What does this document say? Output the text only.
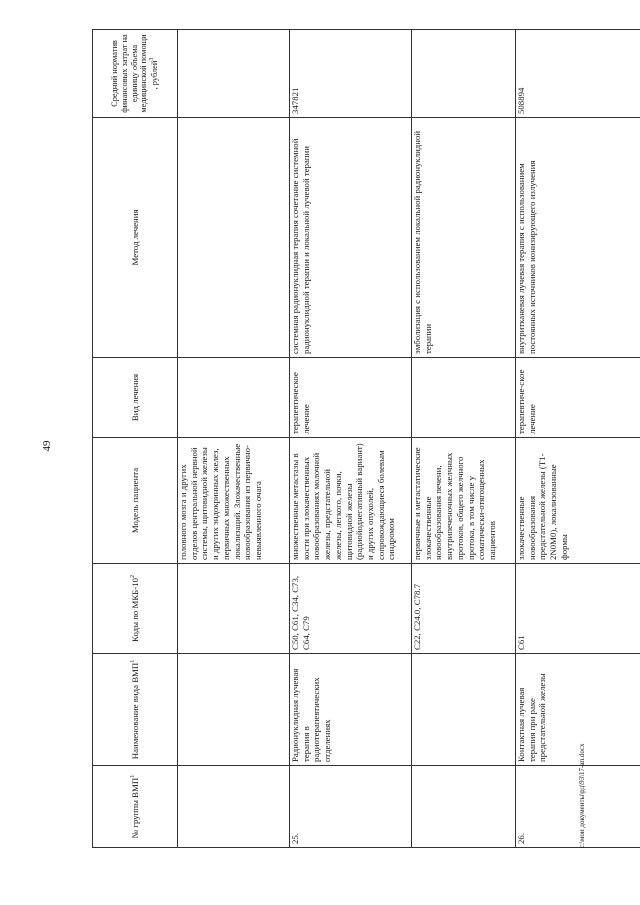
49
№ группы ВМП$^1$	Наименование вида ВМП$^1$	Коды по МКБ-$10^2$	Модель пациента	Вид лечения	Метод лечения	Средний норматив финансовых затрат на единицу объема медицинской помощи , рублей$^3$
			головного мозга и других отделов центральной нервной системы, щитовидной железы и других эндокринных желез, первичных множественных локализаций. Злокачественные новообразования из первично-невыявленного очага			
25.	Радионуклидная лучевая терапия в радиотерапевтических отделениях	C50, C61, C34, C73, C64, C79	множественные метастазы в кости при злокачественных новообразованиях молочной железы, предстательной железы, легкого, почки, щитовидной железы (радиойоднегативный вариант) и других опухолей, сопровождающиеся болевым синдромом	терапевтическое лечение	системная радионуклидная терапия сочетание системной радионуклидной терапии и локальной лучевой терапии	347821
		C22, C24.0, C78.7	первичные и метастатические злокачественные новообразования печени, внутрипеченочных желчных протоков, общего желчного протока, в том числе у соматически-отягощенных пациентов		эмболизация с использованием локальной радионуклидной терапии	
26.	Контактная лучевая терапия при раке предстательной железы	C61	злокачественные новообразования предстательной железы (T1-2N0M0), локализованные формы	терапевтиче-ское лечение	внутритканевая лучевая терапия с использованием постоянных источников ионизирующего излучения	508894
c:\мои документы\рд\93\17-ап.docx
